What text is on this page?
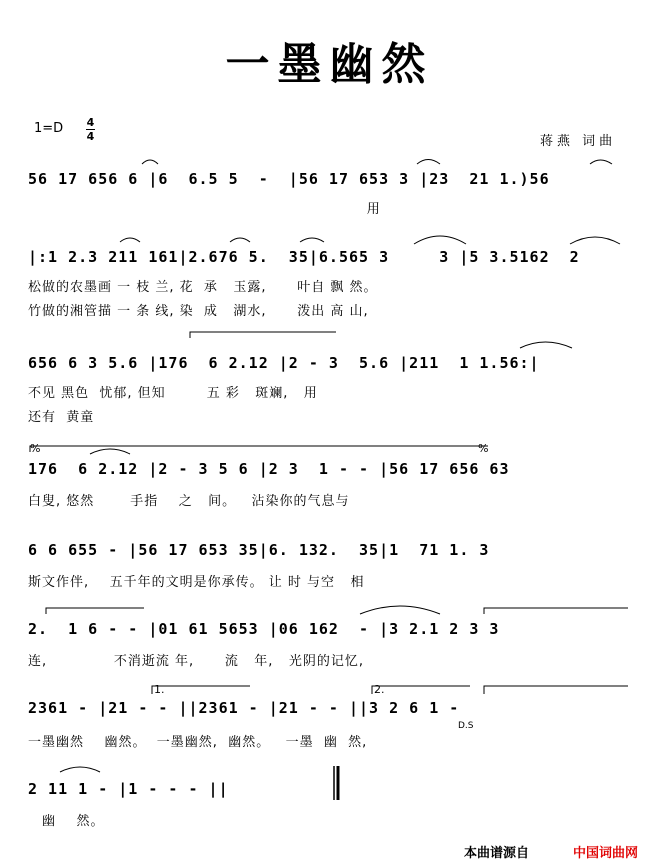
一墨幽然
1=D 4
4	蒋燕 词曲
56 17 656 6 |6  6.5 5  -  |56 17 653 3 |23  21 1.)56
用
|:1 2.3 211 161|2.676 5.  35|6.565 3     3 |5 3.5162  2
松做的农墨画 一 枝 兰, 花  承   玉露,      叶自 飘 然。
竹做的湘管描 一 条 线, 染  成   湖水,      泼出 高 山,
656 6 3 5.6 |176  6 2.12 |2 - 3  5.6 |211  1 1.56:|
不见 黑色  忧郁, 但知        五 彩   斑斓,   用
还有  黄童
176  6 2.12 |2 - 3 5 6 |2 3  1 - - |56 17 656 63
白叟, 悠然       手指    之   间。   沾染你的气息与
%	%
6 6 655 - |56 17 653 35|6. 132.  35|1  71 1. 3
斯文作伴,    五千年的文明是你承传。 让 时 与空   相
2.  1 6 - - |01 61 5653 |06 162  - |3 2.1 2 3 3
连,             不消逝流 年,      流   年,   光阴的记忆,
2361 - |21 - - ||2361 - |21 - - ||3 2 6 1 -
一墨幽然    幽然。  一墨幽然,  幽然。   一墨  幽  然,
1.	2.
D.S
2 11 1 - |1 - - - ||
幽    然。
本曲谱源自	中国词曲网
